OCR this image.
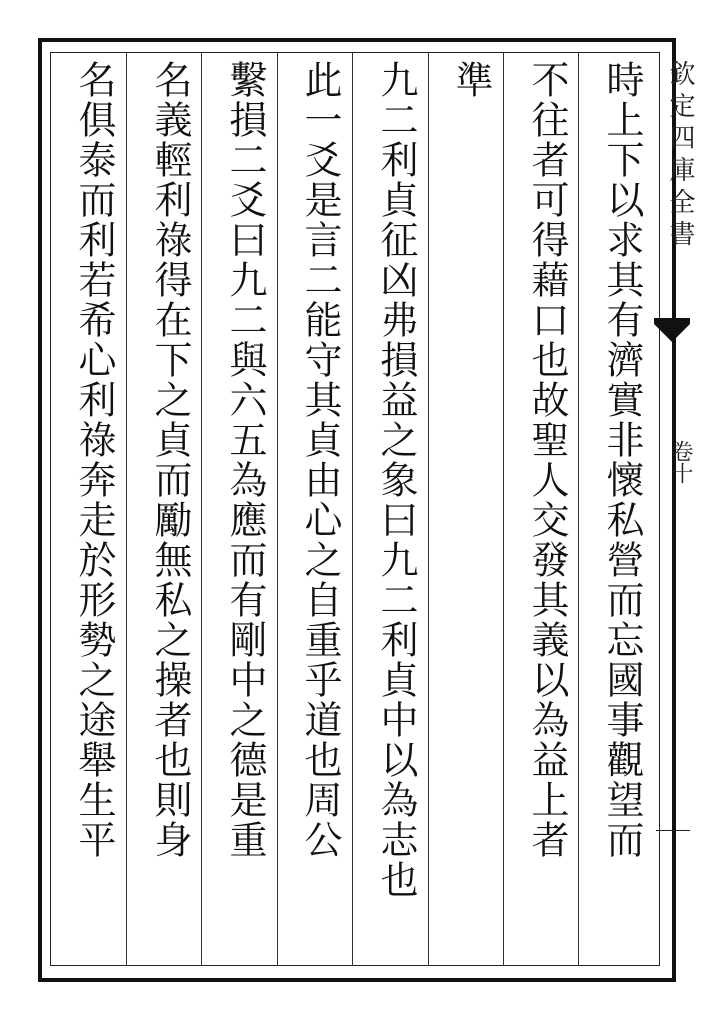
時上下以求其有濟實非懷私營而忘國事觀望而
不往者可得藉口也故聖人交發其義以為益上者
準
九二利貞征凶弗損益之象曰九二利貞中以為志也
此一爻是言二能守其貞由心之自重乎道也周公
繫損二爻曰九二與六五為應而有剛中之德是重
名義輕利祿得在下之貞而勵無私之操者也則身
名俱泰而利若希心利祿奔走於形勢之途舉生平	欽定四庫全書
卷十
